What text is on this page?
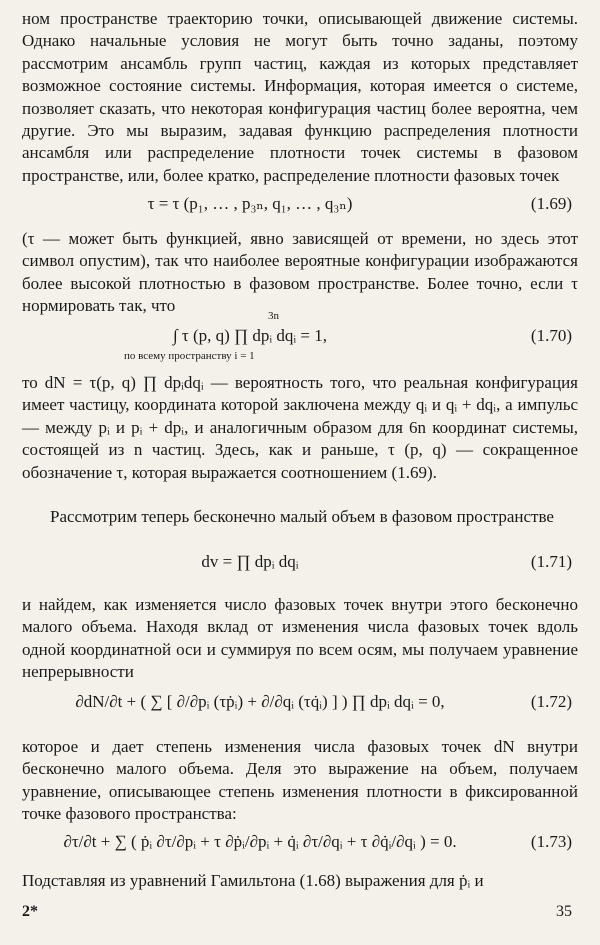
ном пространстве траекторию точки, описывающей движение системы. Однако начальные условия не могут быть точно заданы, поэтому рассмотрим ансамбль групп частиц, каждая из которых представляет возможное состояние системы. Информация, которая имеется о системе, позволяет сказать, что некоторая конфигурация частиц более вероятна, чем другие. Это мы выразим, задавая функцию распределения плотности ансамбля или распределение плотности точек системы в фазовом пространстве, или, более кратко, распределение плотности фазовых точек

τ = τ (p₁, … , p₃ₙ, q₁, … , q₃ₙ)	(1.69)

(τ — может быть функцией, явно зависящей от времени, но здесь этот символ опустим), так что наиболее вероятные конфигурации изображаются более высокой плотностью в фазовом пространстве. Более точно, если τ нормировать так, что

∫ τ (p, q) ∏ dpᵢ dqᵢ = 1,	(1.70)
3n
по всему пространству i = 1

то dN = τ(p, q) ∏ dpᵢdqᵢ — вероятность того, что реальная конфигурация имеет частицу, координата которой заключена между qᵢ и qᵢ + dqᵢ, а импульс — между pᵢ и pᵢ + dpᵢ, и аналогичным образом для 6n координат системы, состоящей из n частиц. Здесь, как и раньше, τ (p, q) — сокращенное обозначение τ, которая выражается соотношением (1.69).

Рассмотрим теперь бесконечно малый объем в фазовом пространстве

dv = ∏ dpᵢ dqᵢ	(1.71)

и найдем, как изменяется число фазовых точек внутри этого бесконечно малого объема. Находя вклад от изменения числа фазовых точек вдоль одной координатной оси и суммируя по всем осям, мы получаем уравнение непрерывности

∂dN/∂t + ( ∑ [ ∂/∂pᵢ (τṗᵢ) + ∂/∂qᵢ (τq̇ᵢ) ] ) ∏ dpᵢ dqᵢ = 0,	(1.72)

которое и дает степень изменения числа фазовых точек dN внутри бесконечно малого объема. Деля это выражение на объем, получаем уравнение, описывающее степень изменения плотности в фиксированной точке фазового пространства:

∂τ/∂t + ∑ ( ṗᵢ ∂τ/∂pᵢ + τ ∂ṗᵢ/∂pᵢ + q̇ᵢ ∂τ/∂qᵢ + τ ∂q̇ᵢ/∂qᵢ ) = 0.	(1.73)

Подставляя из уравнений Гамильтона (1.68) выражения для ṗᵢ и

2*	35
